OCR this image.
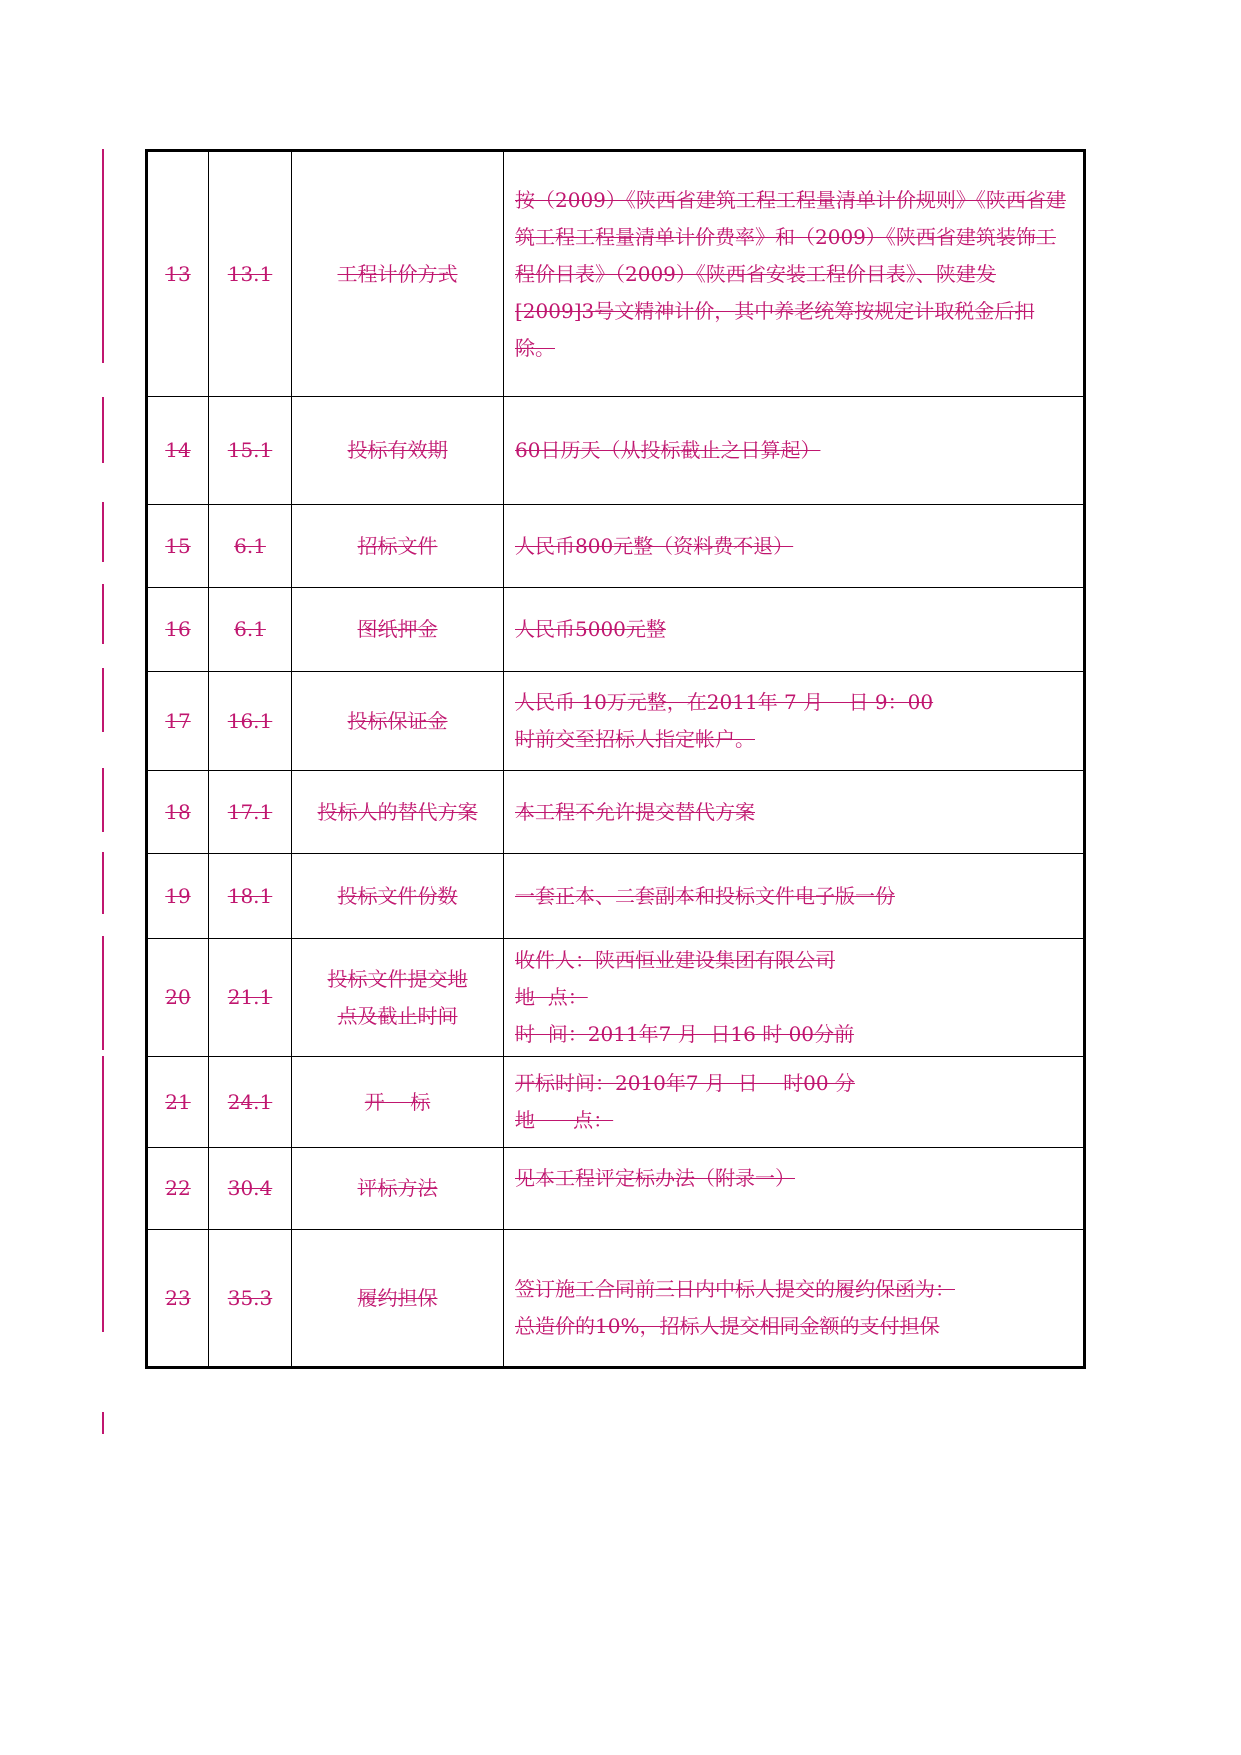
13	13.1	工程计价方式	按（2009）《陕西省建筑工程工程量清单计价规则》《陕西省建筑工程工程量清单计价费率》和（2009）《陕西省建筑装饰工程价目表》（2009）《陕西省安装工程价目表》、陕建发[2009]3号文精神计价，其中养老统筹按规定计取税金后扣除。

14	15.1	投标有效期	60日历天（从投标截止之日算起）

15	6.1	招标文件	人民币800元整（资料费不退）

16	6.1	图纸押金	人民币5000元整

17	16.1	投标保证金	人民币 10万元整，在2011年 7 月    日 9：00
时前交至招标人指定帐户。

18	17.1	投标人的替代方案	本工程不允许提交替代方案

19	18.1	投标文件份数	一套正本、二套副本和投标文件电子版一份

20	21.1	投标文件提交地
点及截止时间	收件人：陕西恒业建设集团有限公司
地  点：
时  间：2011年7 月  日16 时 00分前

21	24.1	开    标	开标时间：2010年7 月  日    时00 分
地      点：

22	30.4	评标方法	见本工程评定标办法（附录一）

23	35.3	履约担保	签订施工合同前三日内中标人提交的履约保函为：
总造价的10%，招标人提交相同金额的支付担保
